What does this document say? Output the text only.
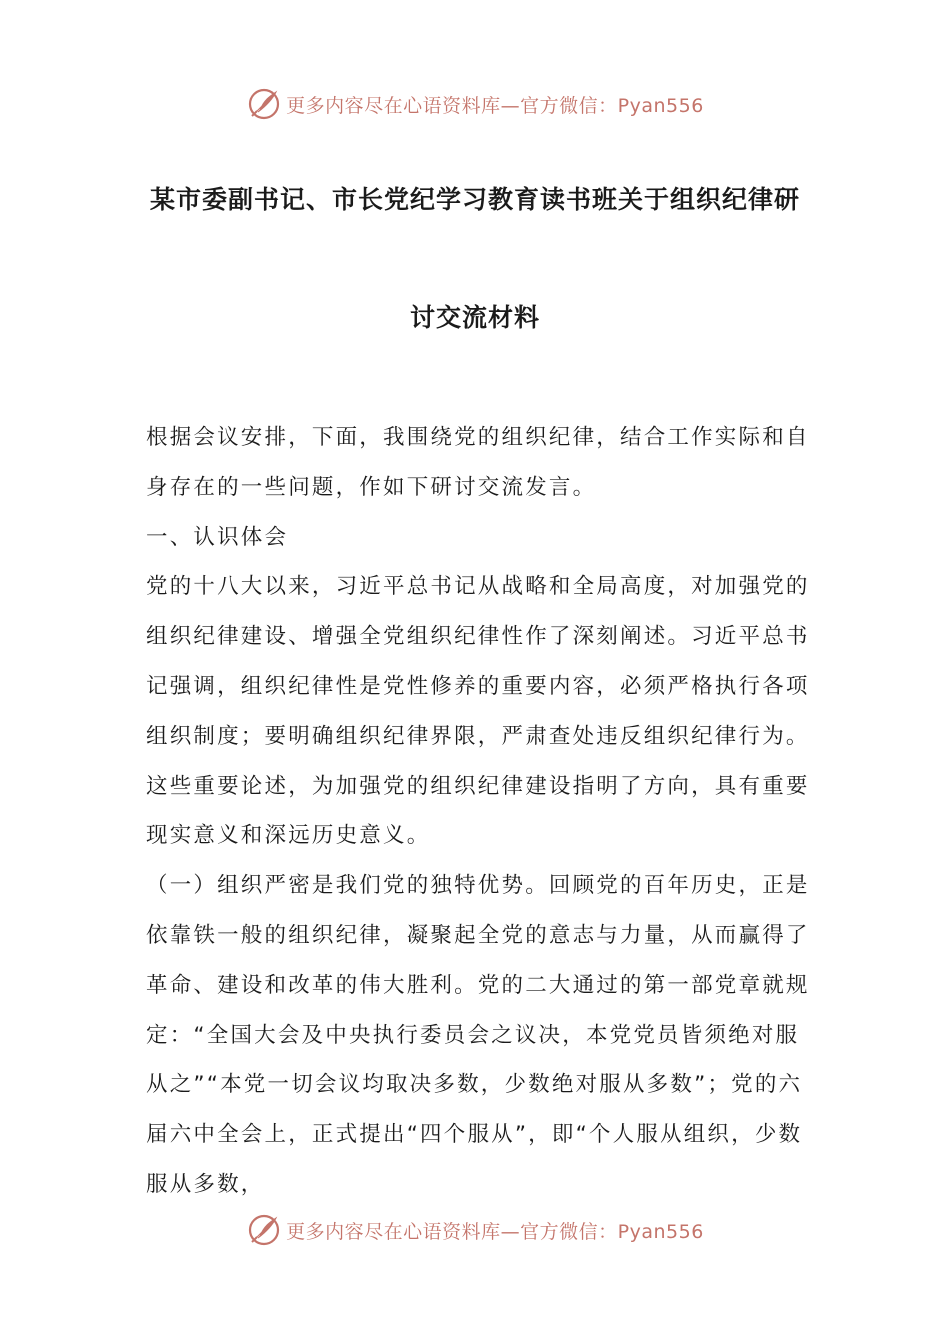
更多内容尽在心语资料库—官方微信：Pyan556
某市委副书记、市长党纪学习教育读书班关于组织纪律研
讨交流材料

根据会议安排，下面，我围绕党的组织纪律，结合工作实际和自身存在的一些问题，作如下研讨交流发言。

一、认识体会

党的十八大以来，习近平总书记从战略和全局高度，对加强党的组织纪律建设、增强全党组织纪律性作了深刻阐述。习近平总书记强调，组织纪律性是党性修养的重要内容，必须严格执行各项组织制度；要明确组织纪律界限，严肃查处违反组织纪律行为。这些重要论述，为加强党的组织纪律建设指明了方向，具有重要现实意义和深远历史意义。

（一）组织严密是我们党的独特优势。回顾党的百年历史，正是依靠铁一般的组织纪律，凝聚起全党的意志与力量，从而赢得了革命、建设和改革的伟大胜利。党的二大通过的第一部党章就规定：“全国大会及中央执行委员会之议决，本党党员皆须绝对服从之”“本党一切会议均取决多数，少数绝对服从多数”；党的六届六中全会上，正式提出“四个服从”，即“个人服从组织，少数服从多数，

更多内容尽在心语资料库—官方微信：Pyan556
